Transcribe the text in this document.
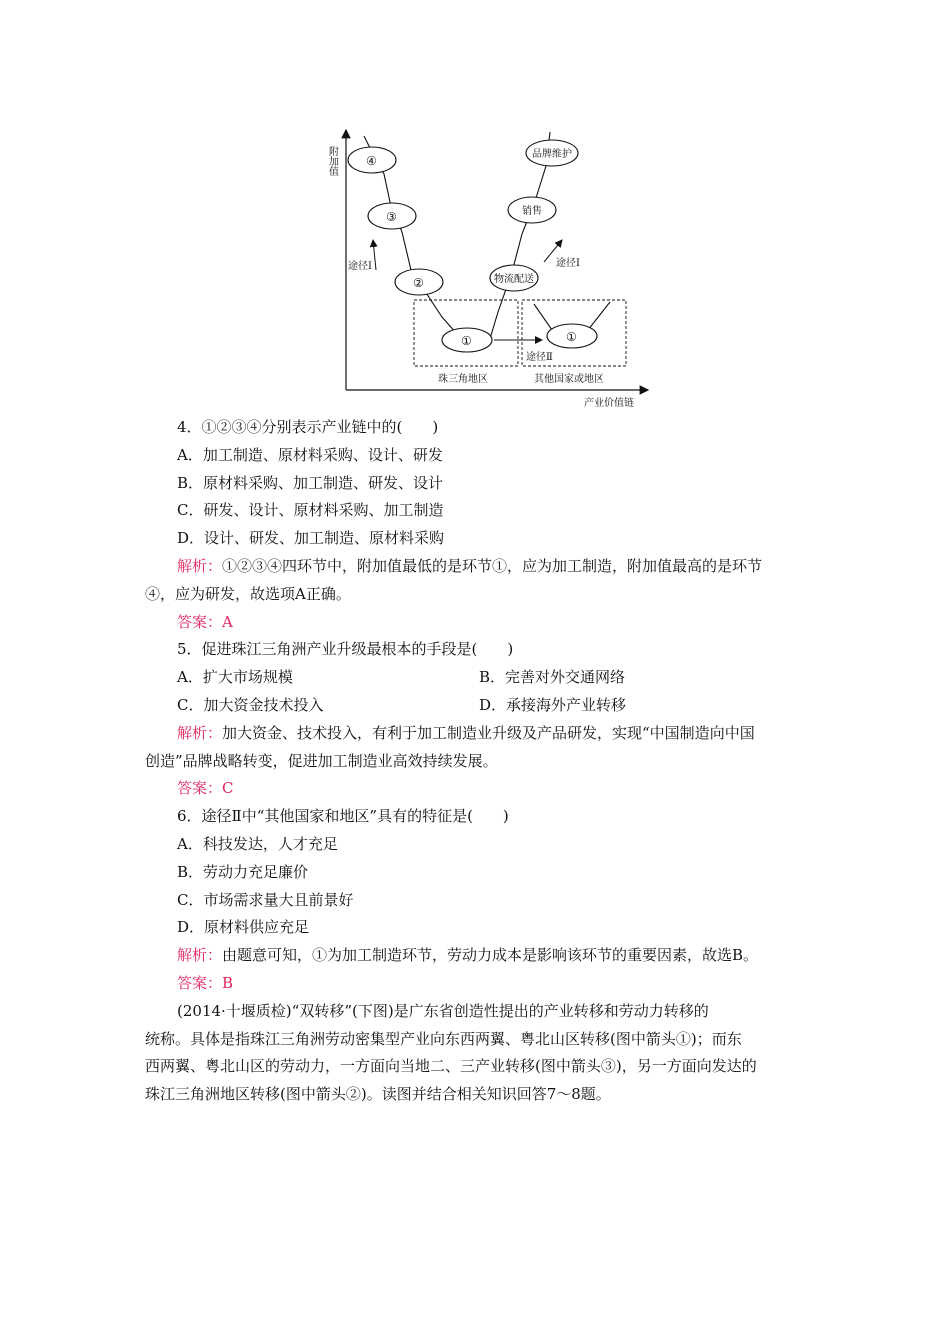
附加值
产业价值链
④
③
②
①	①
途径Ⅱ
物流配送
销售
品牌维护
途径Ⅰ	途径Ⅰ
珠三角地区	其他国家或地区
4．①②③④分别表示产业链中的(　　)
A．加工制造、原材料采购、设计、研发
B．原材料采购、加工制造、研发、设计
C．研发、设计、原材料采购、加工制造
D．设计、研发、加工制造、原材料采购
解析：①②③④四环节中，附加值最低的是环节①，应为加工制造，附加值最高的是环节
④，应为研发，故选项A正确。
答案：A
5．促进珠江三角洲产业升级最根本的手段是(　　)
A．扩大市场规模	B．完善对外交通网络
C．加大资金技术投入	D．承接海外产业转移
解析：加大资金、技术投入，有利于加工制造业升级及产品研发，实现“中国制造向中国
创造”品牌战略转变，促进加工制造业高效持续发展。
答案：C
6．途径Ⅱ中“其他国家和地区”具有的特征是(　　)
A．科技发达，人才充足
B．劳动力充足廉价
C．市场需求量大且前景好
D．原材料供应充足
解析：由题意可知，①为加工制造环节，劳动力成本是影响该环节的重要因素，故选B。
答案：B
(2014·十堰质检)“双转移”(下图)是广东省创造性提出的产业转移和劳动力转移的
统称。具体是指珠江三角洲劳动密集型产业向东西两翼、粤北山区转移(图中箭头①)；而东
西两翼、粤北山区的劳动力，一方面向当地二、三产业转移(图中箭头③)，另一方面向发达的
珠江三角洲地区转移(图中箭头②)。读图并结合相关知识回答7～8题。
